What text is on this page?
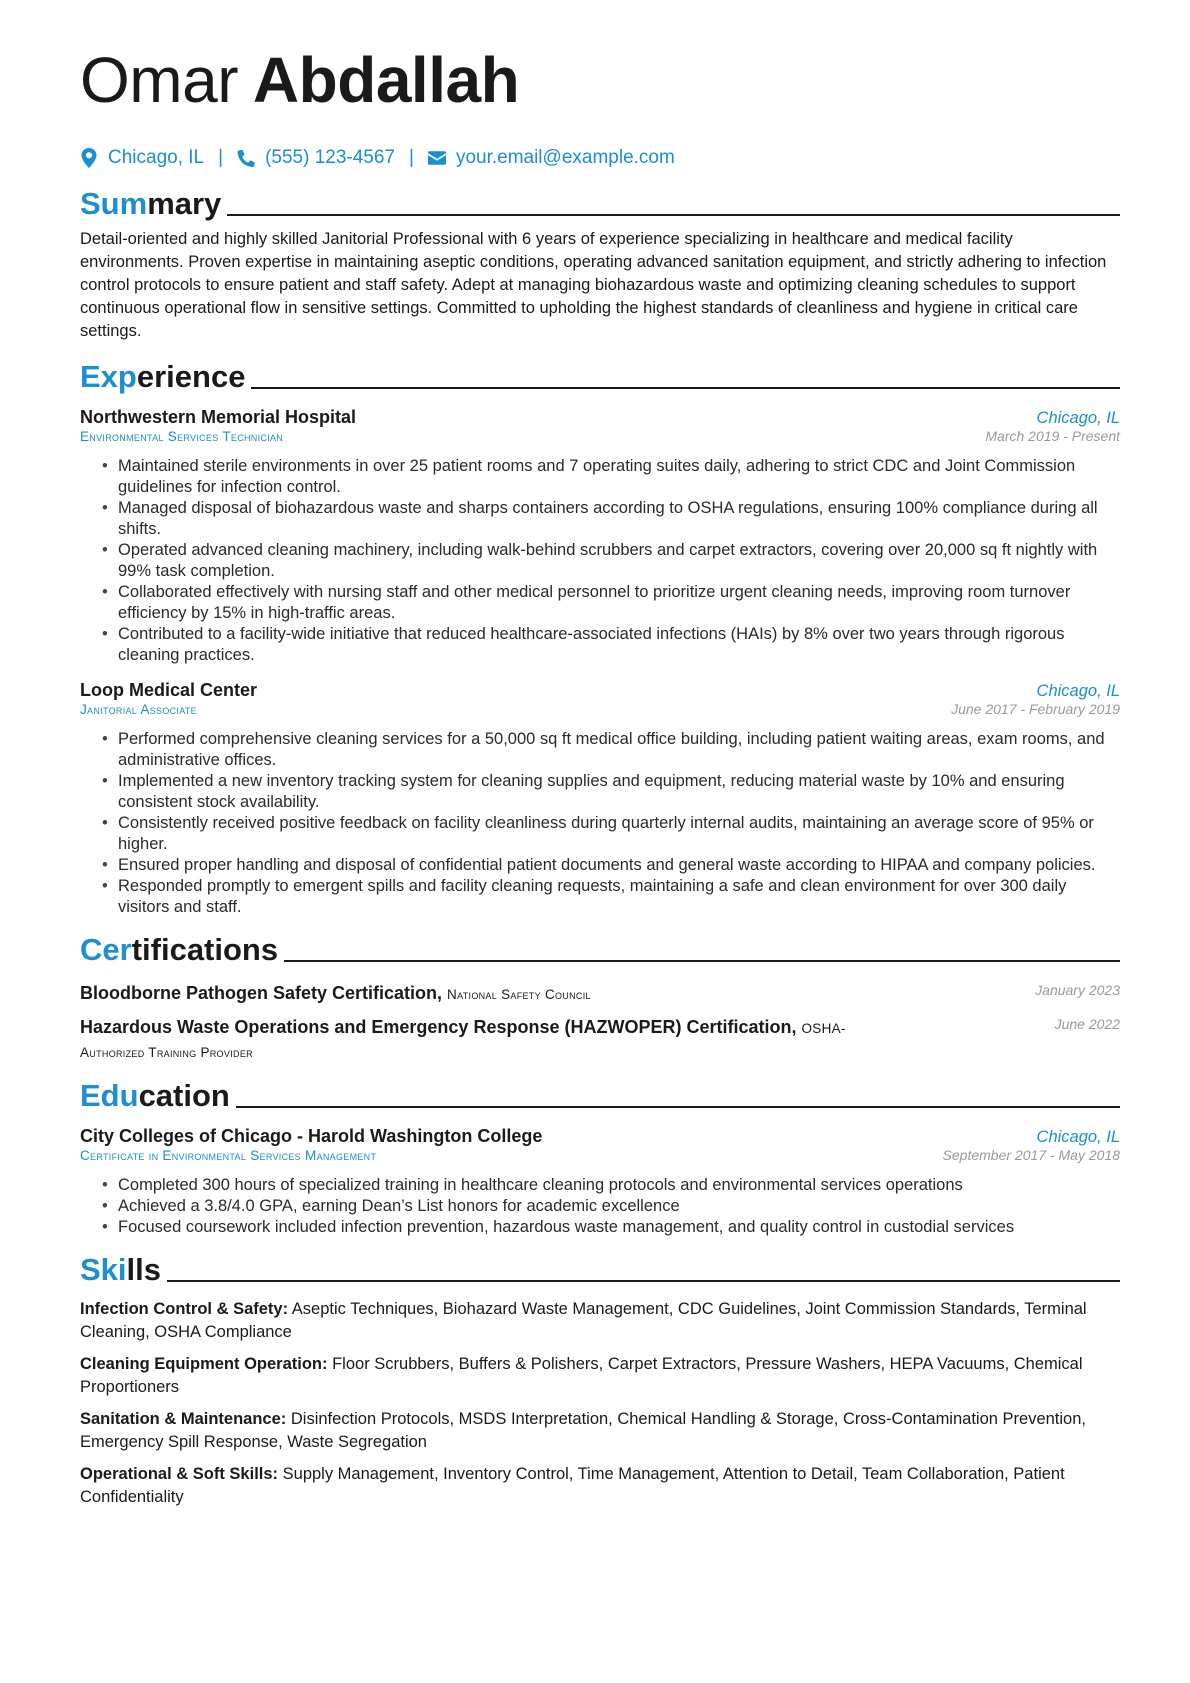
Omar Abdallah
Chicago, IL | (555) 123-4567 | your.email@example.com
Summary

Detail-oriented and highly skilled Janitorial Professional with 6 years of experience specializing in healthcare and medical facility environments. Proven expertise in maintaining aseptic conditions, operating advanced sanitation equipment, and strictly adhering to infection control protocols to ensure patient and staff safety. Adept at managing biohazardous waste and optimizing cleaning schedules to support continuous operational flow in sensitive settings. Committed to upholding the highest standards of cleanliness and hygiene in critical care settings.

Experience
Northwestern Memorial Hospital	Chicago, IL
Environmental Services Technician	March 2019 - Present
• Maintained sterile environments in over 25 patient rooms and 7 operating suites daily, adhering to strict CDC and Joint Commission guidelines for infection control.
• Managed disposal of biohazardous waste and sharps containers according to OSHA regulations, ensuring 100% compliance during all shifts.
• Operated advanced cleaning machinery, including walk-behind scrubbers and carpet extractors, covering over 20,000 sq ft nightly with 99% task completion.
• Collaborated effectively with nursing staff and other medical personnel to prioritize urgent cleaning needs, improving room turnover efficiency by 15% in high-traffic areas.
• Contributed to a facility-wide initiative that reduced healthcare-associated infections (HAIs) by 8% over two years through rigorous cleaning practices.
Loop Medical Center	Chicago, IL
Janitorial Associate	June 2017 - February 2019
• Performed comprehensive cleaning services for a 50,000 sq ft medical office building, including patient waiting areas, exam rooms, and administrative offices.
• Implemented a new inventory tracking system for cleaning supplies and equipment, reducing material waste by 10% and ensuring consistent stock availability.
• Consistently received positive feedback on facility cleanliness during quarterly internal audits, maintaining an average score of 95% or higher.
• Ensured proper handling and disposal of confidential patient documents and general waste according to HIPAA and company policies.
• Responded promptly to emergent spills and facility cleaning requests, maintaining a safe and clean environment for over 300 daily visitors and staff.
Certifications
Bloodborne Pathogen Safety Certification, National Safety Council	January 2023
Hazardous Waste Operations and Emergency Response (HAZWOPER) Certification, OSHA-Authorized Training Provider
June 2022
Education
City Colleges of Chicago - Harold Washington College	Chicago, IL
Certificate in Environmental Services Management	September 2017 - May 2018
• Completed 300 hours of specialized training in healthcare cleaning protocols and environmental services operations
• Achieved a 3.8/4.0 GPA, earning Dean’s List honors for academic excellence
• Focused coursework included infection prevention, hazardous waste management, and quality control in custodial services
Skills

Infection Control & Safety: Aseptic Techniques, Biohazard Waste Management, CDC Guidelines, Joint Commission Standards, Terminal Cleaning, OSHA Compliance

Cleaning Equipment Operation: Floor Scrubbers, Buffers & Polishers, Carpet Extractors, Pressure Washers, HEPA Vacuums, Chemical Proportioners

Sanitation & Maintenance: Disinfection Protocols, MSDS Interpretation, Chemical Handling & Storage, Cross-Contamination Prevention, Emergency Spill Response, Waste Segregation

Operational & Soft Skills: Supply Management, Inventory Control, Time Management, Attention to Detail, Team Collaboration, Patient Confidentiality
